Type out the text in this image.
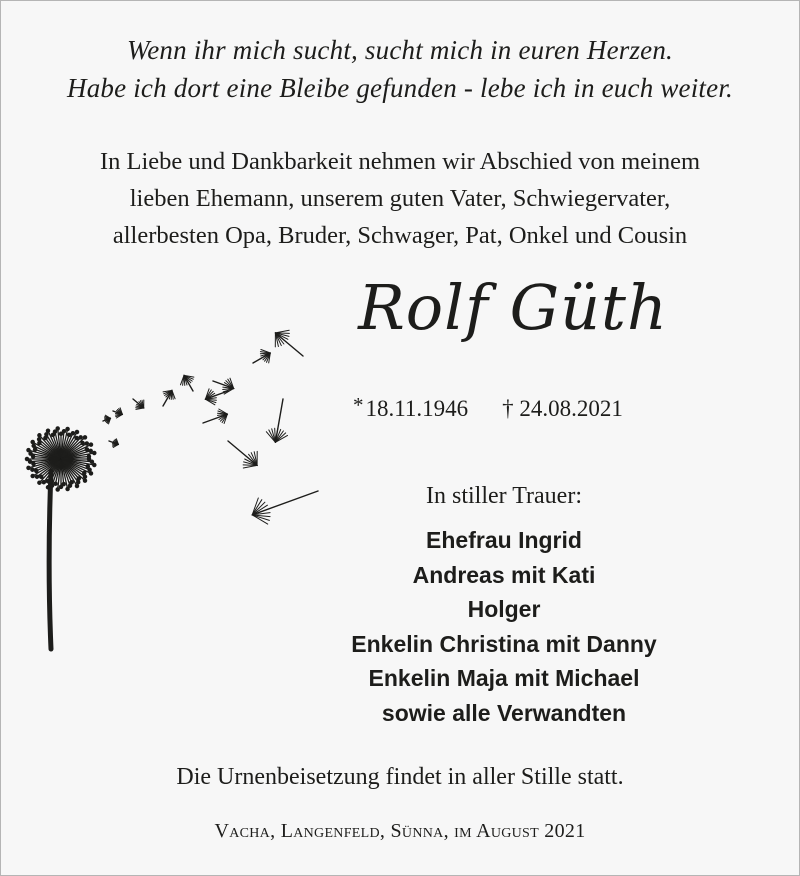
Wenn ihr mich sucht, sucht mich in euren Herzen.
Habe ich dort eine Bleibe gefunden - lebe ich in euch weiter.
In Liebe und Dankbarkeit nehmen wir Abschied von meinem
lieben Ehemann, unserem guten Vater, Schwiegervater,
allerbesten Opa, Bruder, Schwager, Pat, Onkel und Cousin
Rolf Güth
*18.11.1946 † 24.08.2021
In stiller Trauer:
Ehefrau Ingrid
Andreas mit Kati
Holger
Enkelin Christina mit Danny
Enkelin Maja mit Michael
sowie alle Verwandten
Die Urnenbeisetzung findet in aller Stille statt.
Vacha, Langenfeld, Sünna, im August 2021
